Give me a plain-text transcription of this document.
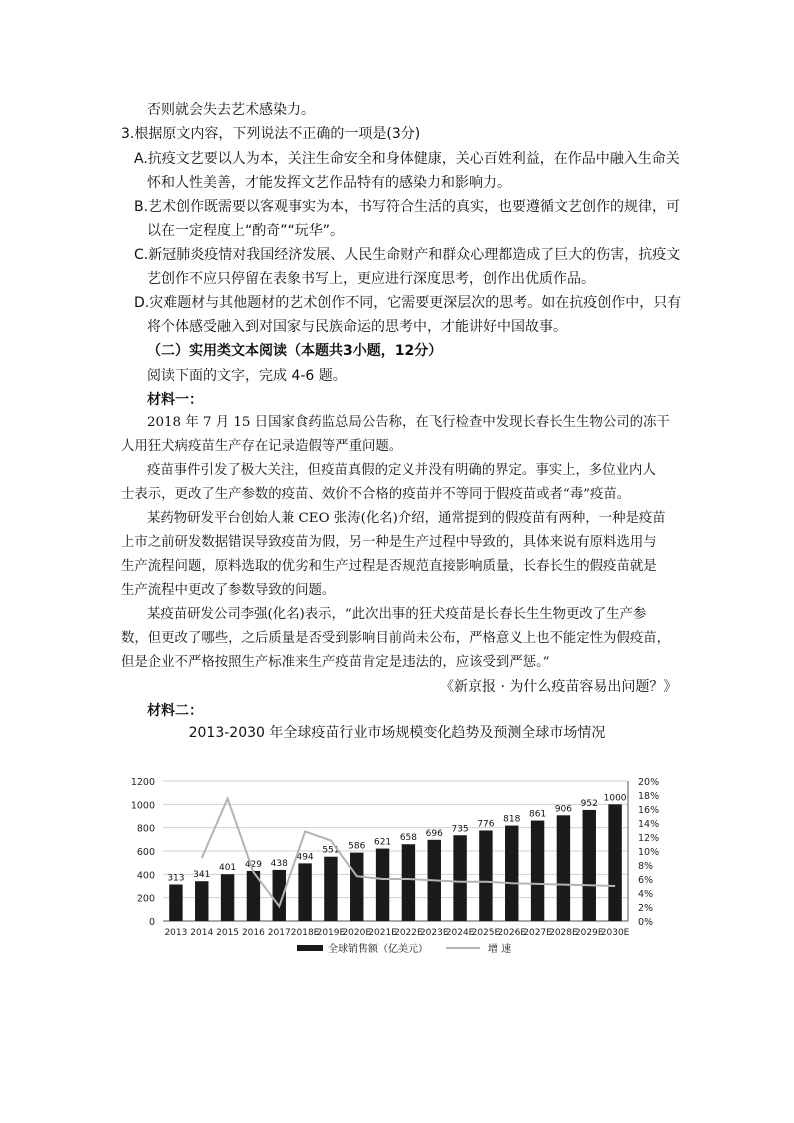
否则就会失去艺术感染力。
3.根据原文内容，下列说法不正确的一项是(3分)
A.抗疫文艺要以人为本，关注生命安全和身体健康，关心百姓利益，在作品中融入生命关
怀和人性美善，才能发挥文艺作品特有的感染力和影响力。
B.艺术创作既需要以客观事实为本，书写符合生活的真实，也要遵循文艺创作的规律，可
以在一定程度上“酌奇”“玩华”。
C.新冠肺炎疫情对我国经济发展、人民生命财产和群众心理都造成了巨大的伤害，抗疫文
艺创作不应只停留在表象书写上，更应进行深度思考，创作出优质作品。
D.灾难题材与其他题材的艺术创作不同，它需要更深层次的思考。如在抗疫创作中，只有
将个体感受融入到对国家与民族命运的思考中，才能讲好中国故事。
（二）实用类文本阅读（本题共3小题，12分）
阅读下面的文字，完成 4-6 题。
材料一：
2018 年 7 月 15 日国家食药监总局公告称，在飞行检查中发现长春长生生物公司的冻干
人用狂犬病疫苗生产存在记录造假等严重问题。
疫苗事件引发了极大关注，但疫苗真假的定义并没有明确的界定。事实上，多位业内人
士表示，更改了生产参数的疫苗、效价不合格的疫苗并不等同于假疫苗或者“毒”疫苗。
某药物研发平台创始人兼 CEO 张涛(化名)介绍，通常提到的假疫苗有两种，一种是疫苗
上市之前研发数据错误导致疫苗为假，另一种是生产过程中导致的，具体来说有原料选用与
生产流程问题，原料选取的优劣和生产过程是否规范直接影响质量，长春长生的假疫苗就是
生产流程中更改了参数导致的问题。
某疫苗研发公司李强(化名)表示，“此次出事的狂犬疫苗是长春长生生物更改了生产参
数，但更改了哪些，之后质量是否受到影响目前尚未公布，严格意义上也不能定性为假疫苗，
但是企业不严格按照生产标准来生产疫苗肯定是违法的，应该受到严惩。”
《新京报 · 为什么疫苗容易出问题？》
材料二：
2013-2030 年全球疫苗行业市场规模变化趋势及预测全球市场情况
0
200
400
600
800
1000
1200
0%
2%
4%
6%
8%
10%
12%
14%
16%
18%
20%
313
2013
341
2014
401
2015
429
2016
438
2017
494
2018E
551
2019E
586
2020E
621
2021E
658
2022E
696
2023E
735
2024E
776
2025E
818
2026E
861
2027E
906
2028E
952
2029E
1000
2030E
全球销售额（亿美元）	增 速
